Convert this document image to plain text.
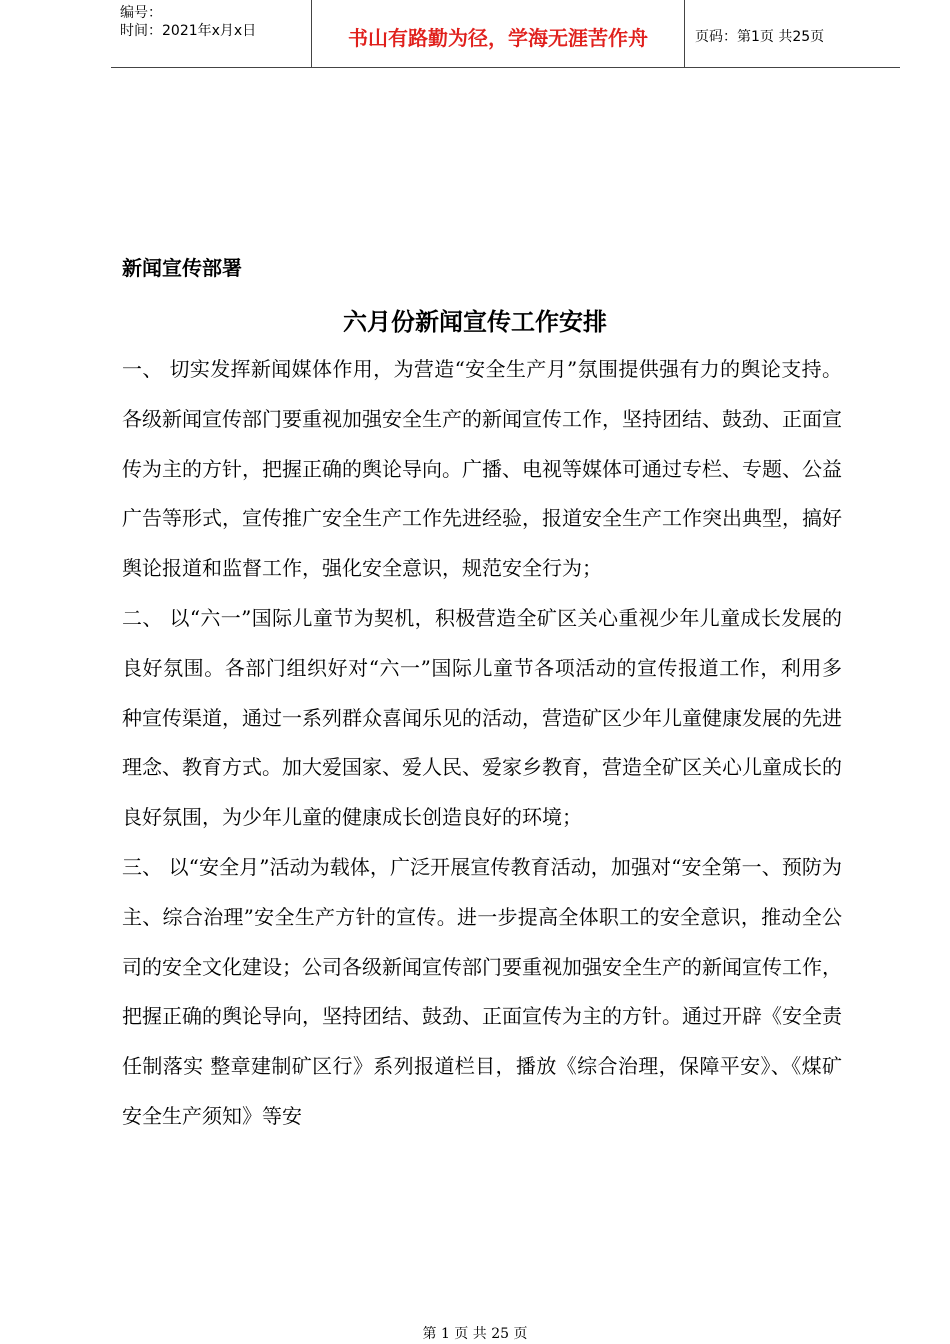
编号：
时间：2021年x月x日	书山有路勤为径，学海无涯苦作舟	页码：第1页 共25页
新闻宣传部署
六月份新闻宣传工作安排

一、 切实发挥新闻媒体作用，为营造“安全生产月”氛围提供强有力的舆论支持。各级新闻宣传部门要重视加强安全生产的新闻宣传工作，坚持团结、鼓劲、正面宣传为主的方针，把握正确的舆论导向。广播、电视等媒体可通过专栏、专题、公益广告等形式，宣传推广安全生产工作先进经验，报道安全生产工作突出典型，搞好舆论报道和监督工作，强化安全意识，规范安全行为；

二、 以“六一”国际儿童节为契机，积极营造全矿区关心重视少年儿童成长发展的良好氛围。各部门组织好对“六一”国际儿童节各项活动的宣传报道工作，利用多种宣传渠道，通过一系列群众喜闻乐见的活动，营造矿区少年儿童健康发展的先进理念、教育方式。加大爱国家、爱人民、爱家乡教育，营造全矿区关心儿童成长的良好氛围，为少年儿童的健康成长创造良好的环境；

三、 以“安全月”活动为载体，广泛开展宣传教育活动，加强对“安全第一、预防为主、综合治理”安全生产方针的宣传。进一步提高全体职工的安全意识，推动全公司的安全文化建设；公司各级新闻宣传部门要重视加强安全生产的新闻宣传工作，把握正确的舆论导向，坚持团结、鼓劲、正面宣传为主的方针。通过开辟《安全责任制落实 整章建制矿区行》系列报道栏目，播放《综合治理，保障平安》、《煤矿安全生产须知》等安

第 1 页 共 25 页
